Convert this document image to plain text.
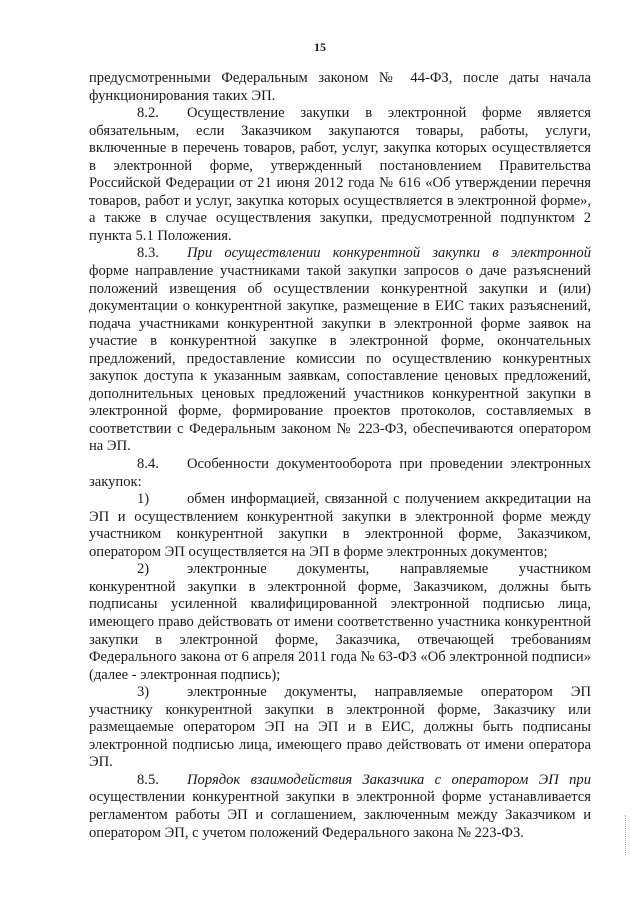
15

предусмотренными Федеральным законом № 44-ФЗ, после даты начала функционирования таких ЭП.

8.2. Осуществление закупки в электронной форме является обязательным, если Заказчиком закупаются товары, работы, услуги, включенные в перечень товаров, работ, услуг, закупка которых осуществляется в электронной форме, утвержденный постановлением Правительства Российской Федерации от 21 июня 2012 года № 616 «Об утверждении перечня товаров, работ и услуг, закупка которых осуществляется в электронной форме», а также в случае осуществления закупки, предусмотренной подпунктом 2 пункта 5.1 Положения.

8.3. При осуществлении конкурентной закупки в электронной форме направление участниками такой закупки запросов о даче разъяснений положений извещения об осуществлении конкурентной закупки и (или) документации о конкурентной закупке, размещение в ЕИС таких разъяснений, подача участниками конкурентной закупки в электронной форме заявок на участие в конкурентной закупке в электронной форме, окончательных предложений, предоставление комиссии по осуществлению конкурентных закупок доступа к указанным заявкам, сопоставление ценовых предложений, дополнительных ценовых предложений участников конкурентной закупки в электронной форме, формирование проектов протоколов, составляемых в соответствии с Федеральным законом № 223-ФЗ, обеспечиваются оператором на ЭП.

8.4. Особенности документооборота при проведении электронных закупок:

1)	обмен информацией, связанной с получением аккредитации на ЭП и осуществлением конкурентной закупки в электронной форме между участником конкурентной закупки в электронной форме, Заказчиком, оператором ЭП осуществляется на ЭП в форме электронных документов;

2)	электронные документы, направляемые участником конкурентной закупки в электронной форме, Заказчиком, должны быть подписаны усиленной квалифицированной электронной подписью лица, имеющего право действовать от имени соответственно участника конкурентной закупки в электронной форме, Заказчика, отвечающей требованиям Федерального закона от 6 апреля 2011 года № 63-ФЗ «Об электронной подписи» (далее - электронная подпись);

3)	электронные документы, направляемые оператором ЭП участнику конкурентной закупки в электронной форме, Заказчику или размещаемые оператором ЭП на ЭП и в ЕИС, должны быть подписаны электронной подписью лица, имеющего право действовать от имени оператора ЭП.

8.5. Порядок взаимодействия Заказчика с оператором ЭП при осуществлении конкурентной закупки в электронной форме устанавливается регламентом работы ЭП и соглашением, заключенным между Заказчиком и оператором ЭП, с учетом положений Федерального закона № 223-ФЗ.
